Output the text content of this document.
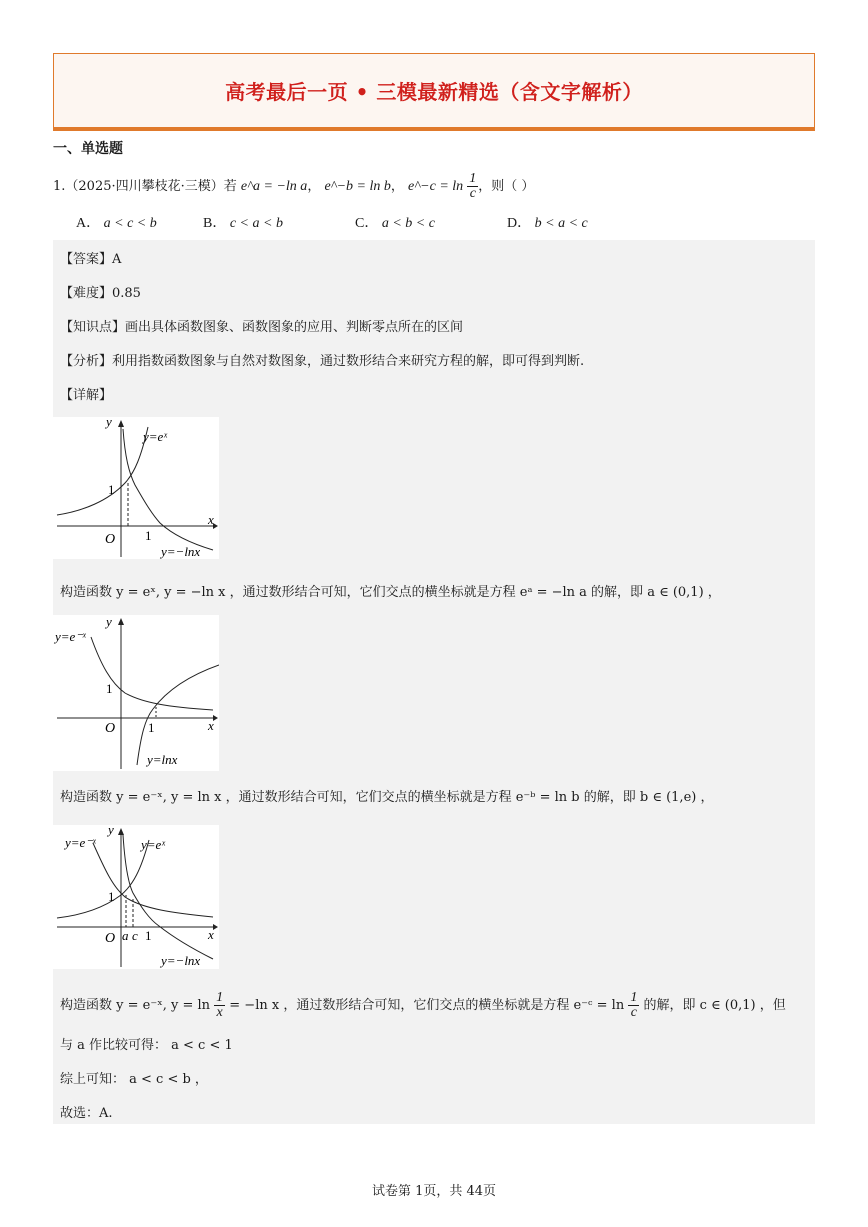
高考最后一页 • 三模最新精选（含文字解析）
一、单选题
1.（2025·四川攀枝花·三模）若 e^a = −ln a， e^−b = ln b， e^−c = $\ln \frac{1}{c}$ ，则（ ）
A． a < c < b	B． c < a < b	C． a < b < c	D． b < a < c
【答案】A
【难度】0.85
【知识点】画出具体函数图象、函数图象的应用、判断零点所在的区间
【分析】利用指数函数图象与自然对数图象，通过数形结合来研究方程的解，即可得到判断.
【详解】
y
x
O
1
1
y=eˣ
y=−lnx
构造函数 y = eˣ, y = −ln x ，通过数形结合可知，它们交点的横坐标就是方程 eᵃ = −ln a 的解，即 a ∈ (0,1) ，
y
x
O
1
1
y=e⁻ˣ
y=lnx
构造函数 y = e⁻ˣ, y = ln x ，通过数形结合可知，它们交点的横坐标就是方程 e⁻ᵇ = ln b 的解，即 b ∈ (1,e) ，
y
x
O
1
a c 1
y=e⁻ˣ	y=eˣ
y=−lnx
构造函数 y = e⁻ˣ, $y = \ln \frac{1}{x} = -\ln$ x ，通过数形结合可知，它们交点的横坐标就是方程 e⁻ᶜ = $\ln \frac{1}{c}$ 的解，即 c ∈ (0,1) ，但
与 a 作比较可得： a < c < 1
综上可知： a < c < b ，
故选：A.
试卷第 1页，共 44页
